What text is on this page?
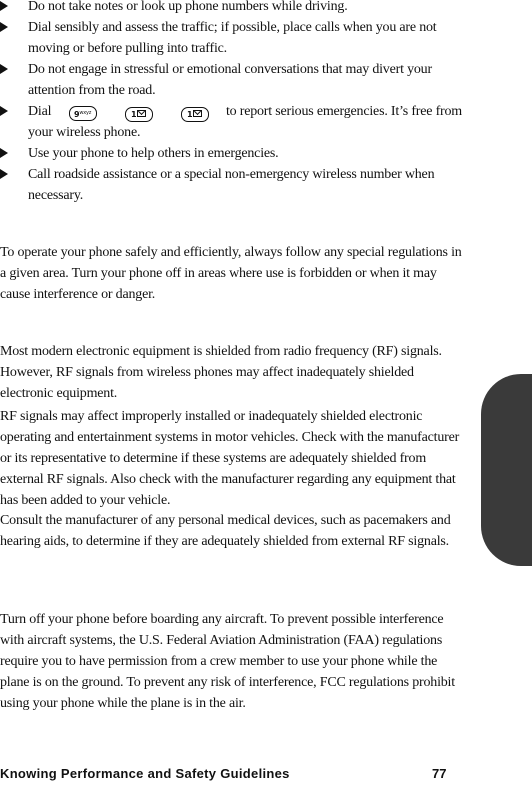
Do not take notes or look up phone numbers while driving.
Dial sensibly and assess the traffic; if possible, place calls when you are not moving or before pulling into traffic.
Do not engage in stressful or emotional conversations that may divert your attention from the road.
Dial	$9^{wxyz}$	1	1 to report serious emergencies. It’s free from your wireless phone.
Use your phone to help others in emergencies.
Call roadside assistance or a special non-emergency wireless number when necessary.

To operate your phone safely and efficiently, always follow any special regulations in a given area. Turn your phone off in areas where use is forbidden or when it may cause interference or danger.

Most modern electronic equipment is shielded from radio frequency (RF) signals. However, RF signals from wireless phones may affect inadequately shielded electronic equipment.

RF signals may affect improperly installed or inadequately shielded electronic operating and entertainment systems in motor vehicles. Check with the manufacturer or its representative to determine if these systems are adequately shielded from external RF signals. Also check with the manufacturer regarding any equipment that has been added to your vehicle.

Consult the manufacturer of any personal medical devices, such as pacemakers and hearing aids, to determine if they are adequately shielded from external RF signals.

Turn off your phone before boarding any aircraft. To prevent possible interference with aircraft systems, the U.S. Federal Aviation Administration (FAA) regulations require you to have permission from a crew member to use your phone while the plane is on the ground. To prevent any risk of interference, FCC regulations prohibit using your phone while the plane is in the air.

Knowing Performance and Safety Guidelines	77
